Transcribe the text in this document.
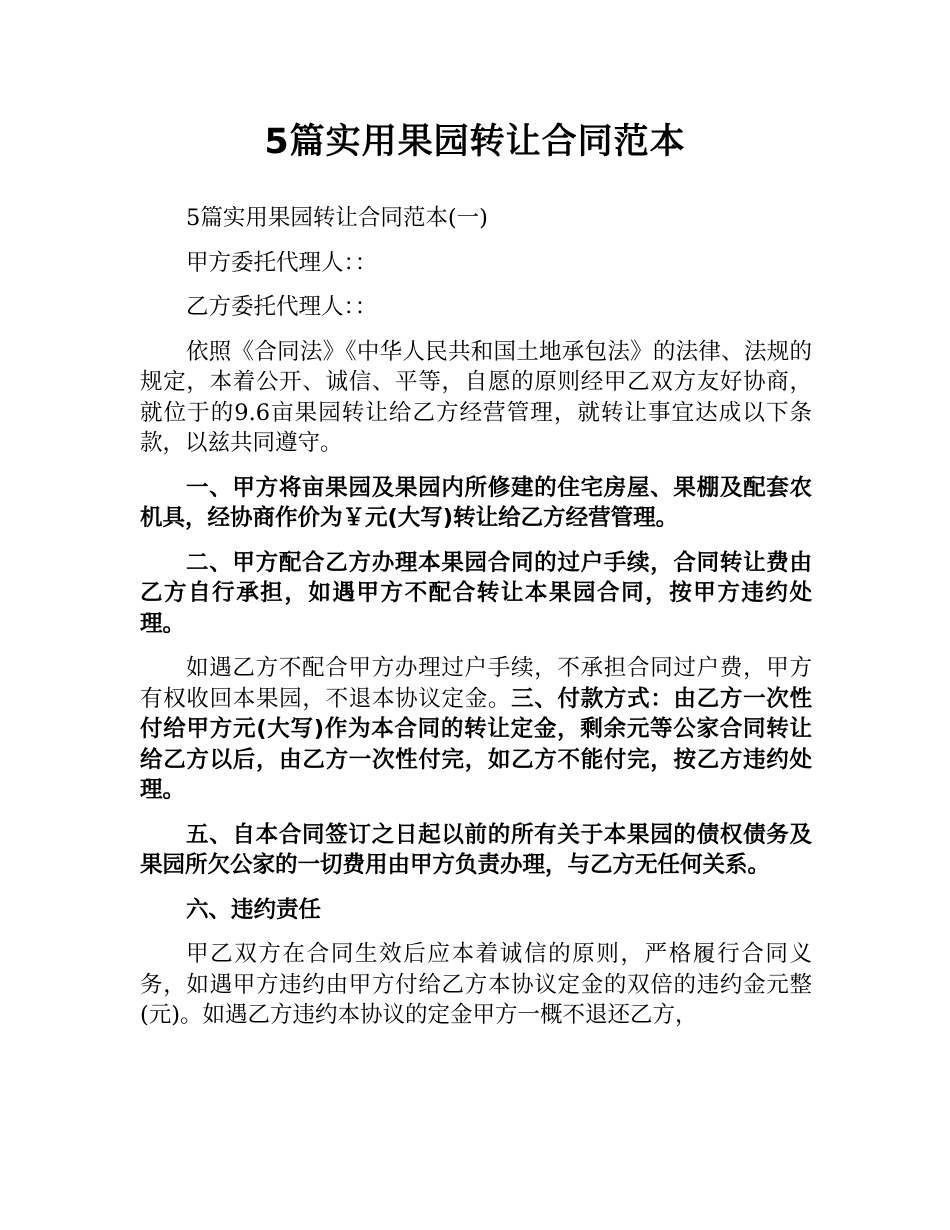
5篇实用果园转让合同范本

5篇实用果园转让合同范本(一)

甲方委托代理人：：

乙方委托代理人：：

依照《合同法》《中华人民共和国土地承包法》的法律、法规的规定，本着公开、诚信、平等，自愿的原则经甲乙双方友好协商，就位于的9.6亩果园转让给乙方经营管理，就转让事宜达成以下条款，以兹共同遵守。

一、甲方将亩果园及果园内所修建的住宅房屋、果棚及配套农机具，经协商作价为￥元(大写)转让给乙方经营管理。

二、甲方配合乙方办理本果园合同的过户手续，合同转让费由乙方自行承担，如遇甲方不配合转让本果园合同，按甲方违约处理。

如遇乙方不配合甲方办理过户手续，不承担合同过户费，甲方有权收回本果园，不退本协议定金。三、付款方式：由乙方一次性付给甲方元(大写)作为本合同的转让定金，剩余元等公家合同转让给乙方以后，由乙方一次性付完，如乙方不能付完，按乙方违约处理。

五、自本合同签订之日起以前的所有关于本果园的债权债务及果园所欠公家的一切费用由甲方负责办理，与乙方无任何关系。

六、违约责任

甲乙双方在合同生效后应本着诚信的原则，严格履行合同义务，如遇甲方违约由甲方付给乙方本协议定金的双倍的违约金元整(元)。如遇乙方违约本协议的定金甲方一概不退还乙方，
